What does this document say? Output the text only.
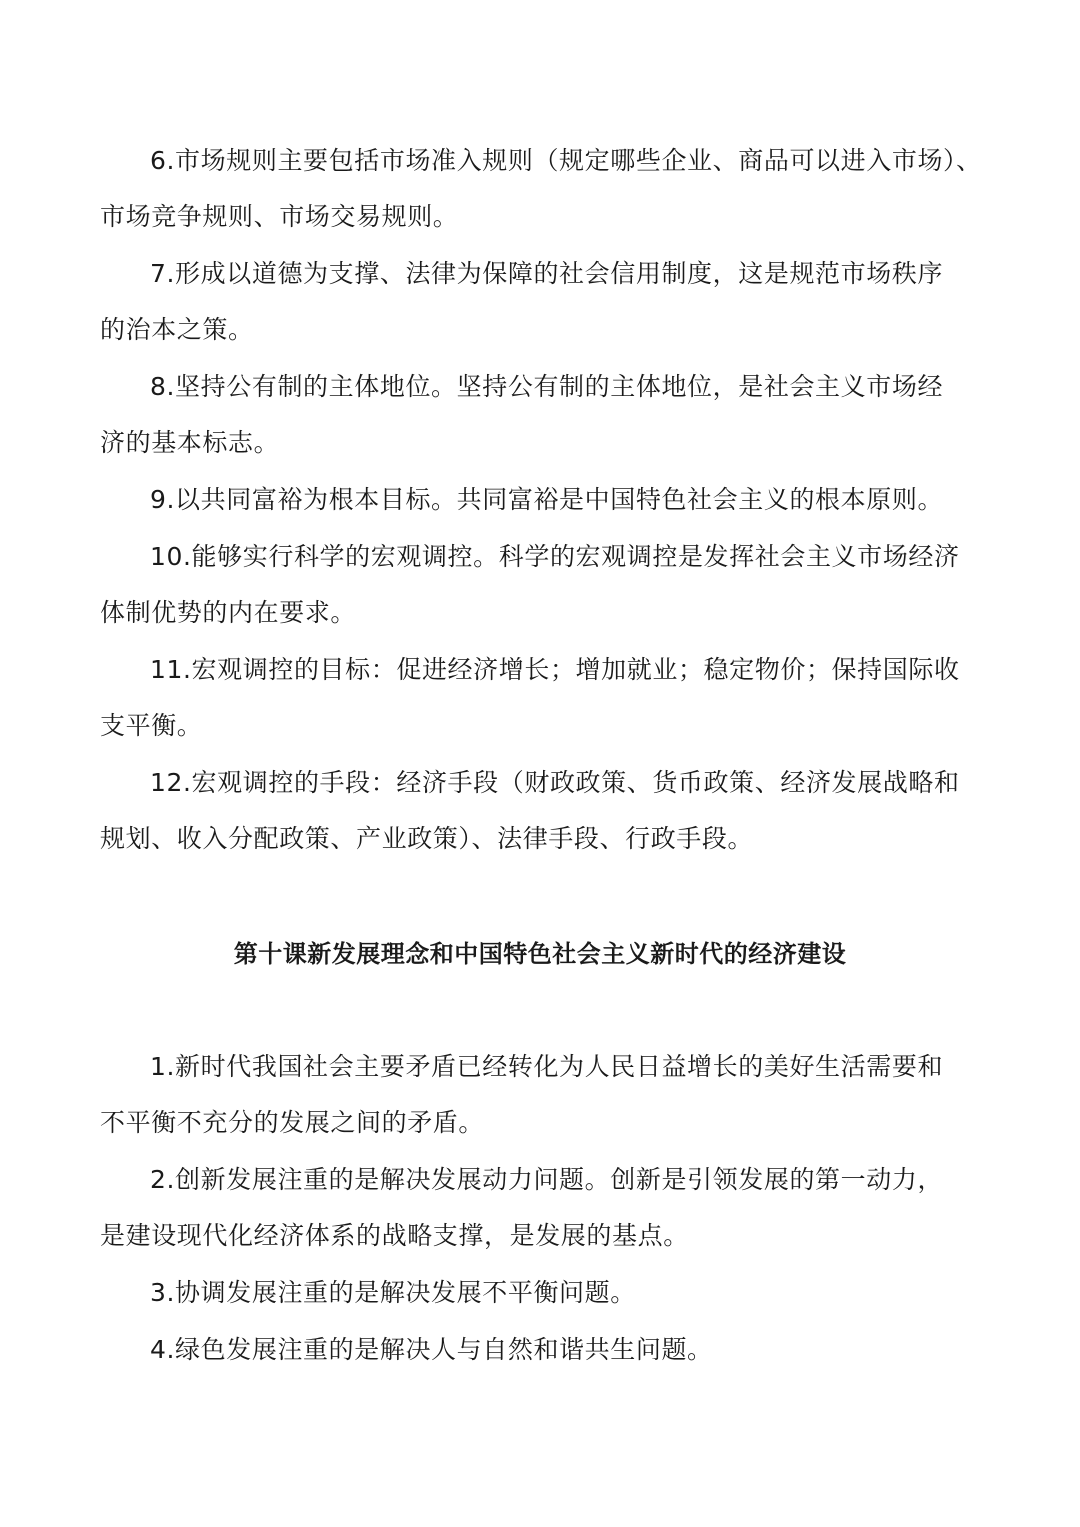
6.市场规则主要包括市场准入规则（规定哪些企业、商品可以进入市场）、
市场竞争规则、市场交易规则。

7.形成以道德为支撑、法律为保障的社会信用制度，这是规范市场秩序
的治本之策。

8.坚持公有制的主体地位。坚持公有制的主体地位，是社会主义市场经
济的基本标志。

9.以共同富裕为根本目标。共同富裕是中国特色社会主义的根本原则。

10.能够实行科学的宏观调控。科学的宏观调控是发挥社会主义市场经济
体制优势的内在要求。

11.宏观调控的目标：促进经济增长；增加就业；稳定物价；保持国际收
支平衡。

12.宏观调控的手段：经济手段（财政政策、货币政策、经济发展战略和
规划、收入分配政策、产业政策）、法律手段、行政手段。

第十课新发展理念和中国特色社会主义新时代的经济建设

1.新时代我国社会主要矛盾已经转化为人民日益增长的美好生活需要和
不平衡不充分的发展之间的矛盾。

2.创新发展注重的是解决发展动力问题。创新是引领发展的第一动力，
是建设现代化经济体系的战略支撑，是发展的基点。

3.协调发展注重的是解决发展不平衡问题。

4.绿色发展注重的是解决人与自然和谐共生问题。
